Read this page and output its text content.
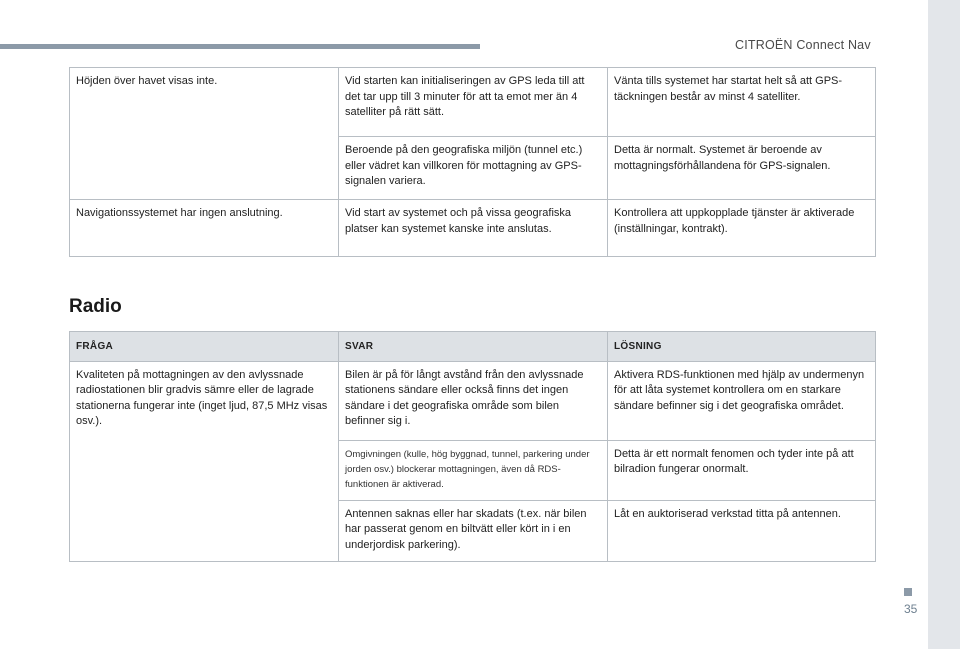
CITROËN Connect Nav
Höjden över havet visas inte.	Vid starten kan initialiseringen av GPS leda till att det tar upp till 3 minuter för att ta emot mer än 4 satelliter på rätt sätt.	Vänta tills systemet har startat helt så att GPS-täckningen består av minst 4 satelliter.
	Beroende på den geografiska miljön (tunnel etc.) eller vädret kan villkoren för mottagning av GPS-signalen variera.	Detta är normalt. Systemet är beroende av mottagningsförhållandena för GPS-signalen.
Navigationssystemet har ingen anslutning.	Vid start av systemet och på vissa geografiska platser kan systemet kanske inte anslutas.	Kontrollera att uppkopplade tjänster är aktiverade (inställningar, kontrakt).
Radio
FRÅGA	SVAR	LÖSNING
Kvaliteten på mottagningen av den avlyssnade radiostationen blir gradvis sämre eller de lagrade stationerna fungerar inte (inget ljud, 87,5 MHz visas osv.).	Bilen är på för långt avstånd från den avlyssnade stationens sändare eller också finns det ingen sändare i det geografiska område som bilen befinner sig i.	Aktivera RDS-funktionen med hjälp av undermenyn för att låta systemet kontrollera om en starkare sändare befinner sig i det geografiska området.
	Omgivningen (kulle, hög byggnad, tunnel, parkering under jorden osv.) blockerar mottagningen, även då RDS-funktionen är aktiverad.	Detta är ett normalt fenomen och tyder inte på att bilradion fungerar onormalt.
	Antennen saknas eller har skadats (t.ex. när bilen har passerat genom en biltvätt eller kört in i en underjordisk parkering).	Låt en auktoriserad verkstad titta på antennen.
35
